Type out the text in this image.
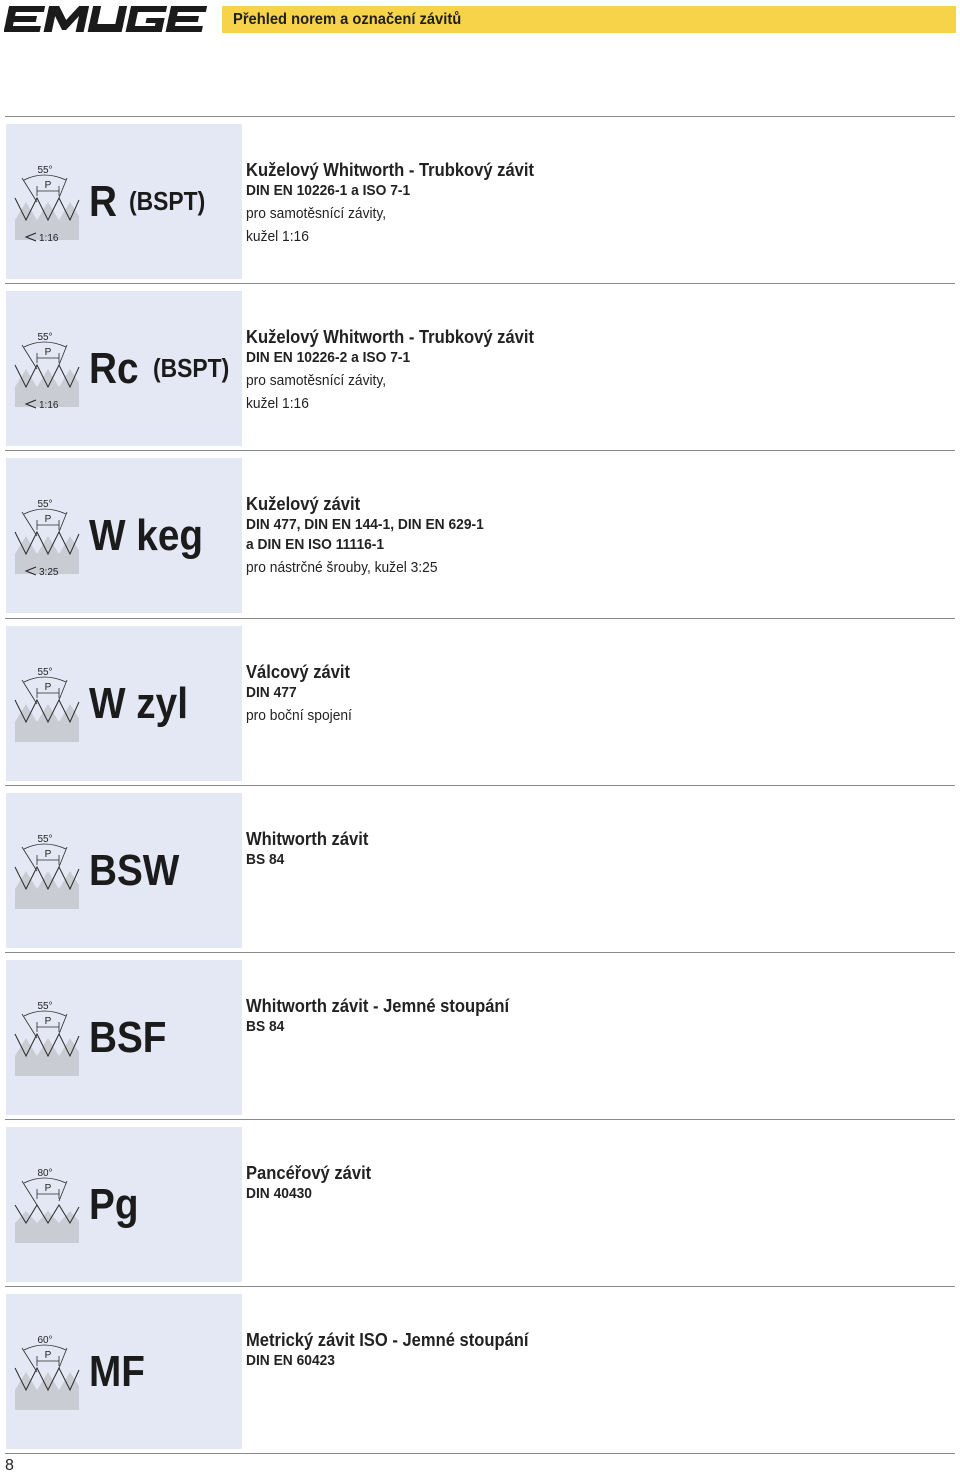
Přehled norem a označení závitů
55°
P
1:16
R (BSPT)
Kuželový Whitworth - Trubkový závit
DIN EN 10226-1 a ISO 7-1
pro samotěsnící závity,
kužel 1:16
55°
P
1:16
Rc (BSPT)
Kuželový Whitworth - Trubkový závit
DIN EN 10226-2 a ISO 7-1
pro samotěsnící závity,
kužel 1:16
55°
P
3:25
W keg
Kuželový závit
DIN 477, DIN EN 144-1, DIN EN 629-1
a DIN EN ISO 11116-1
pro nástrčné šrouby, kužel 3:25
55°
P W zyl
Válcový závit
DIN 477
pro boční spojení
55°
P BSW
Whitworth závit
BS 84
55°
P BSF
Whitworth závit - Jemné stoupání
BS 84
80°
P Pg
Pancéřový závit
DIN 40430
60°
P MF
Metrický závit ISO - Jemné stoupání
DIN EN 60423
8
